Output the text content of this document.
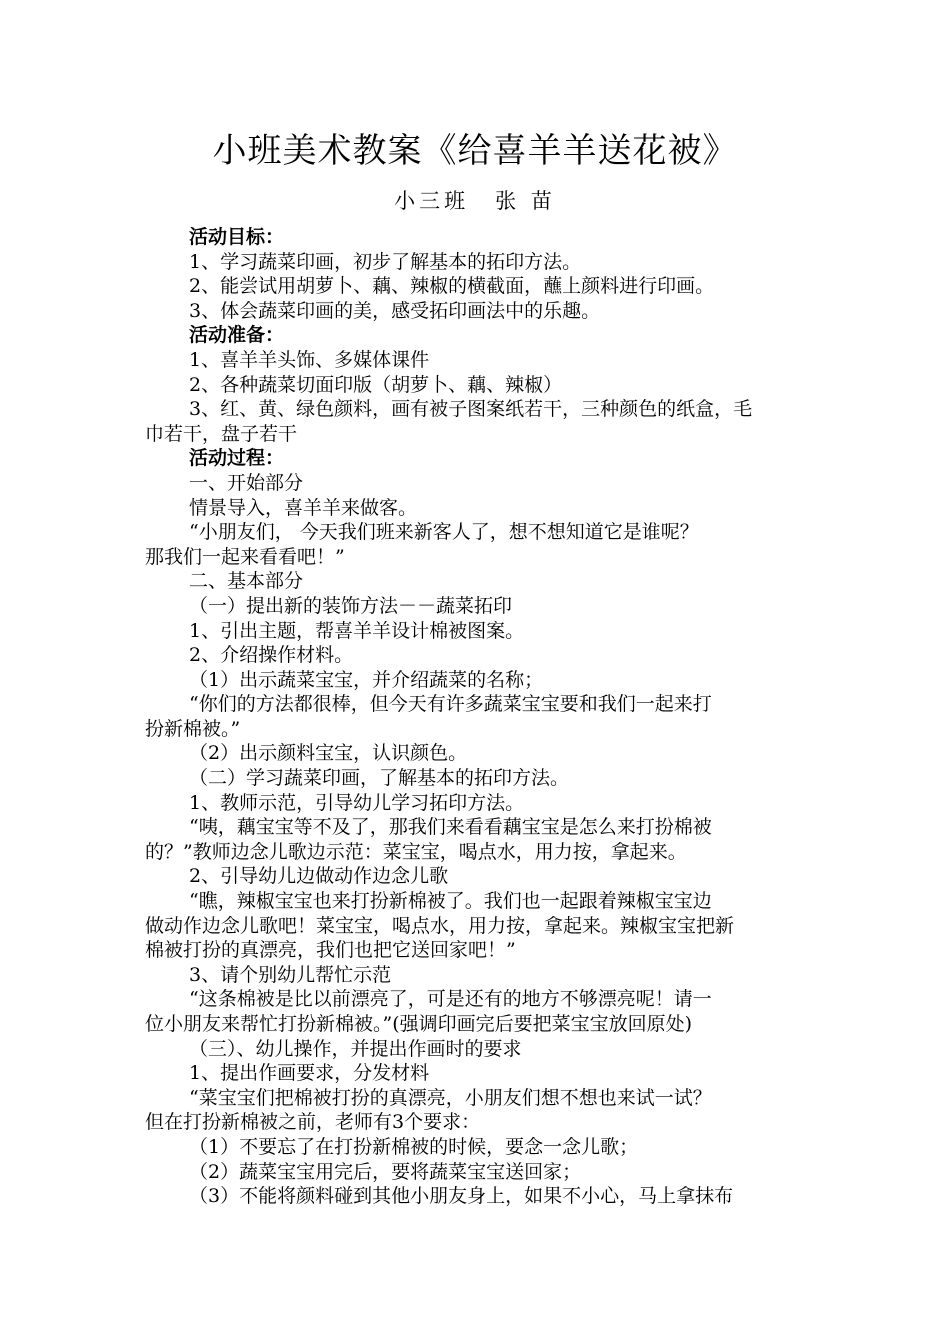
小班美术教案《给喜羊羊送花被》
小三班 张 苗
活动目标：
1、学习蔬菜印画，初步了解基本的拓印方法。
2、能尝试用胡萝卜、藕、辣椒的横截面，蘸上颜料进行印画。
3、体会蔬菜印画的美，感受拓印画法中的乐趣。
活动准备：
1、喜羊羊头饰、多媒体课件
2、各种蔬菜切面印版（胡萝卜、藕、辣椒）
3、红、黄、绿色颜料，画有被子图案纸若干，三种颜色的纸盒，毛
巾若干，盘子若干
活动过程：
一、开始部分
情景导入，喜羊羊来做客。
“小朋友们， 今天我们班来新客人了，想不想知道它是谁呢？
那我们一起来看看吧！”
二、基本部分
（一）提出新的装饰方法－－蔬菜拓印
1、引出主题，帮喜羊羊设计棉被图案。
2、介绍操作材料。
（1）出示蔬菜宝宝，并介绍蔬菜的名称；
“你们的方法都很棒，但今天有许多蔬菜宝宝要和我们一起来打
扮新棉被。”
（2）出示颜料宝宝，认识颜色。
（二）学习蔬菜印画，了解基本的拓印方法。
1、教师示范，引导幼儿学习拓印方法。
“咦，藕宝宝等不及了，那我们来看看藕宝宝是怎么来打扮棉被
的？”教师边念儿歌边示范：菜宝宝，喝点水，用力按，拿起来。
2、引导幼儿边做动作边念儿歌
“瞧，辣椒宝宝也来打扮新棉被了。我们也一起跟着辣椒宝宝边
做动作边念儿歌吧！菜宝宝，喝点水，用力按，拿起来。辣椒宝宝把新
棉被打扮的真漂亮，我们也把它送回家吧！”
3、请个别幼儿帮忙示范
“这条棉被是比以前漂亮了，可是还有的地方不够漂亮呢！请一
位小朋友来帮忙打扮新棉被。”(强调印画完后要把菜宝宝放回原处)
（三）、幼儿操作，并提出作画时的要求
1、提出作画要求，分发材料
“菜宝宝们把棉被打扮的真漂亮，小朋友们想不想也来试一试？
但在打扮新棉被之前，老师有3个要求：
（1）不要忘了在打扮新棉被的时候，要念一念儿歌；
（2）蔬菜宝宝用完后，要将蔬菜宝宝送回家；
（3）不能将颜料碰到其他小朋友身上，如果不小心，马上拿抹布
